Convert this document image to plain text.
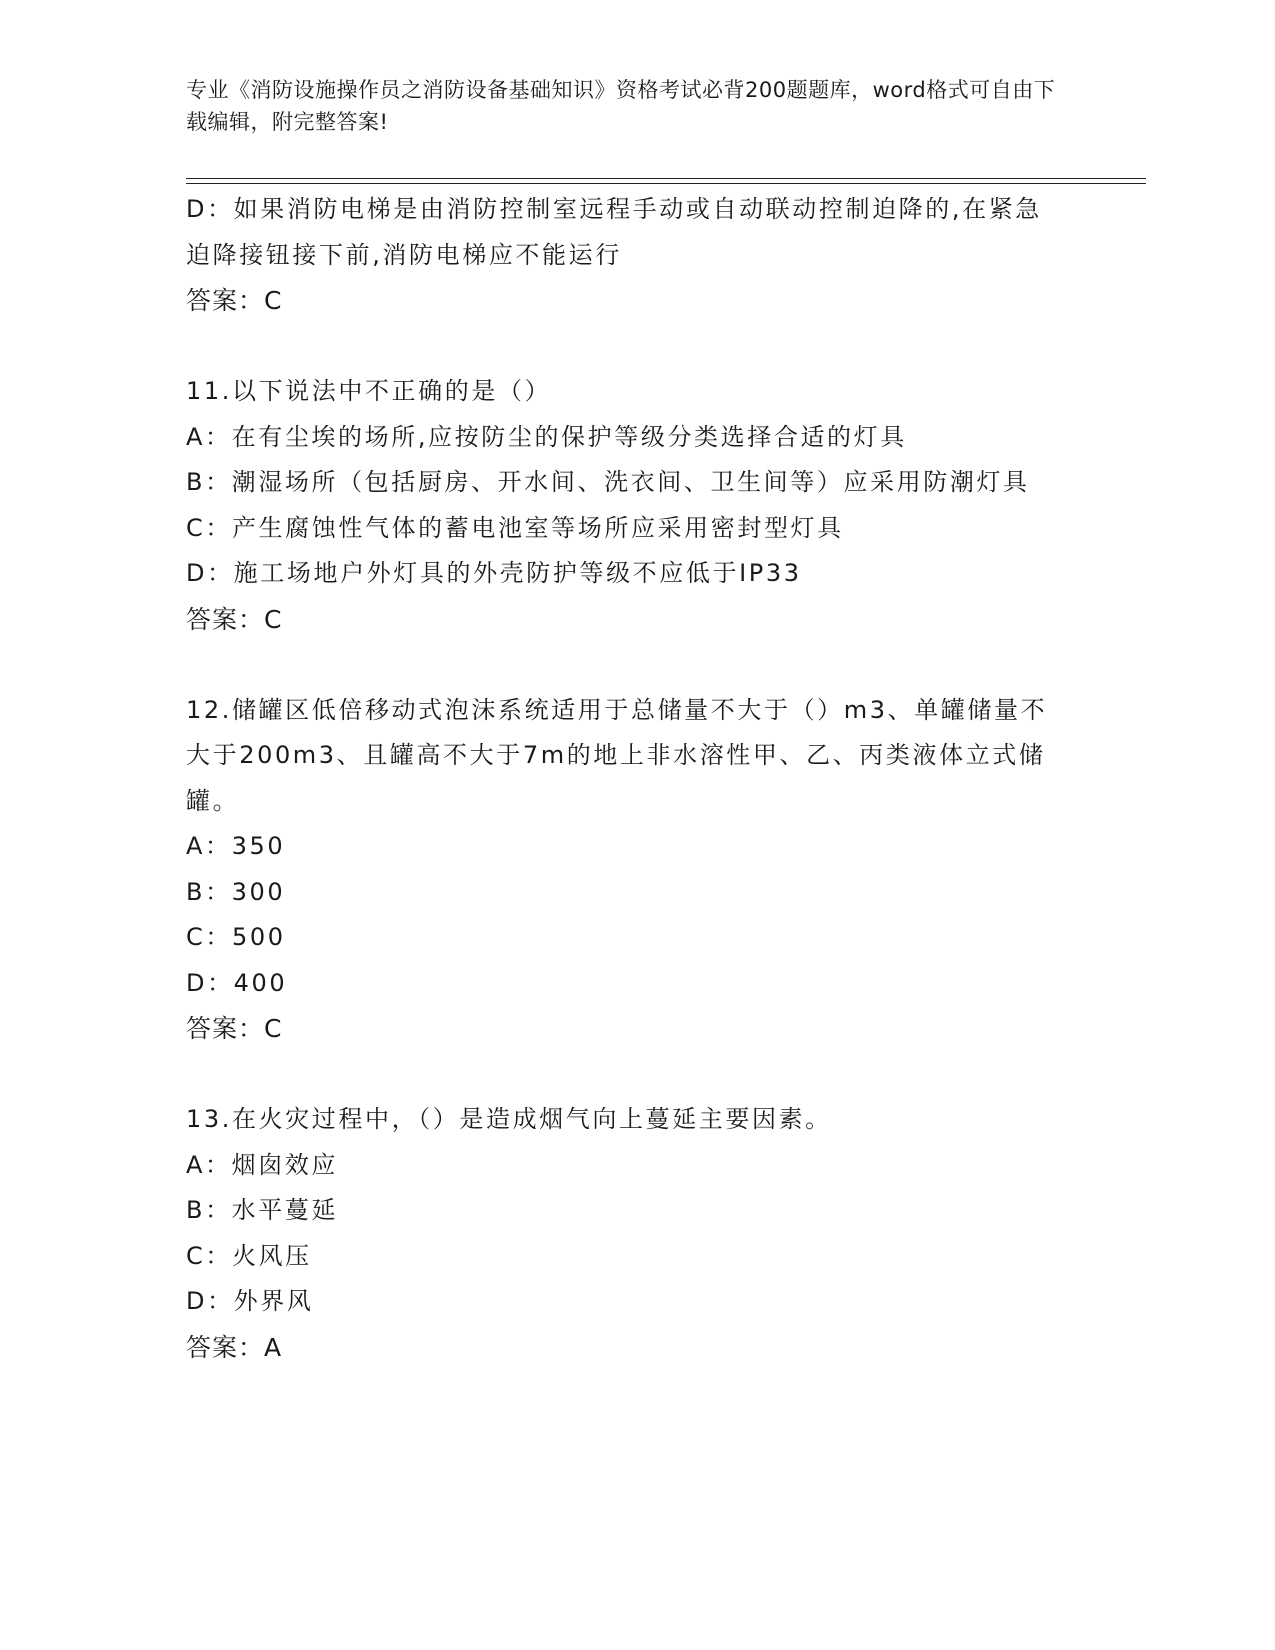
专业《消防设施操作员之消防设备基础知识》资格考试必背200题题库，word格式可自由下载编辑，附完整答案!
D：如果消防电梯是由消防控制室远程手动或自动联动控制迫降的,在紧急迫降接钮接下前,消防电梯应不能运行
答案：C
11.以下说法中不正确的是（）
A：在有尘埃的场所,应按防尘的保护等级分类选择合适的灯具
B：潮湿场所（包括厨房、开水间、洗衣间、卫生间等）应采用防潮灯具
C：产生腐蚀性气体的蓄电池室等场所应采用密封型灯具
D：施工场地户外灯具的外壳防护等级不应低于IP33
答案：C
12.储罐区低倍移动式泡沫系统适用于总储量不大于（）m3、单罐储量不大于200m3、且罐高不大于7m的地上非水溶性甲、乙、丙类液体立式储罐。
A：350
B：300
C：500
D：400
答案：C
13.在火灾过程中，（）是造成烟气向上蔓延主要因素。
A：烟囱效应
B：水平蔓延
C：火风压
D：外界风
答案：A
